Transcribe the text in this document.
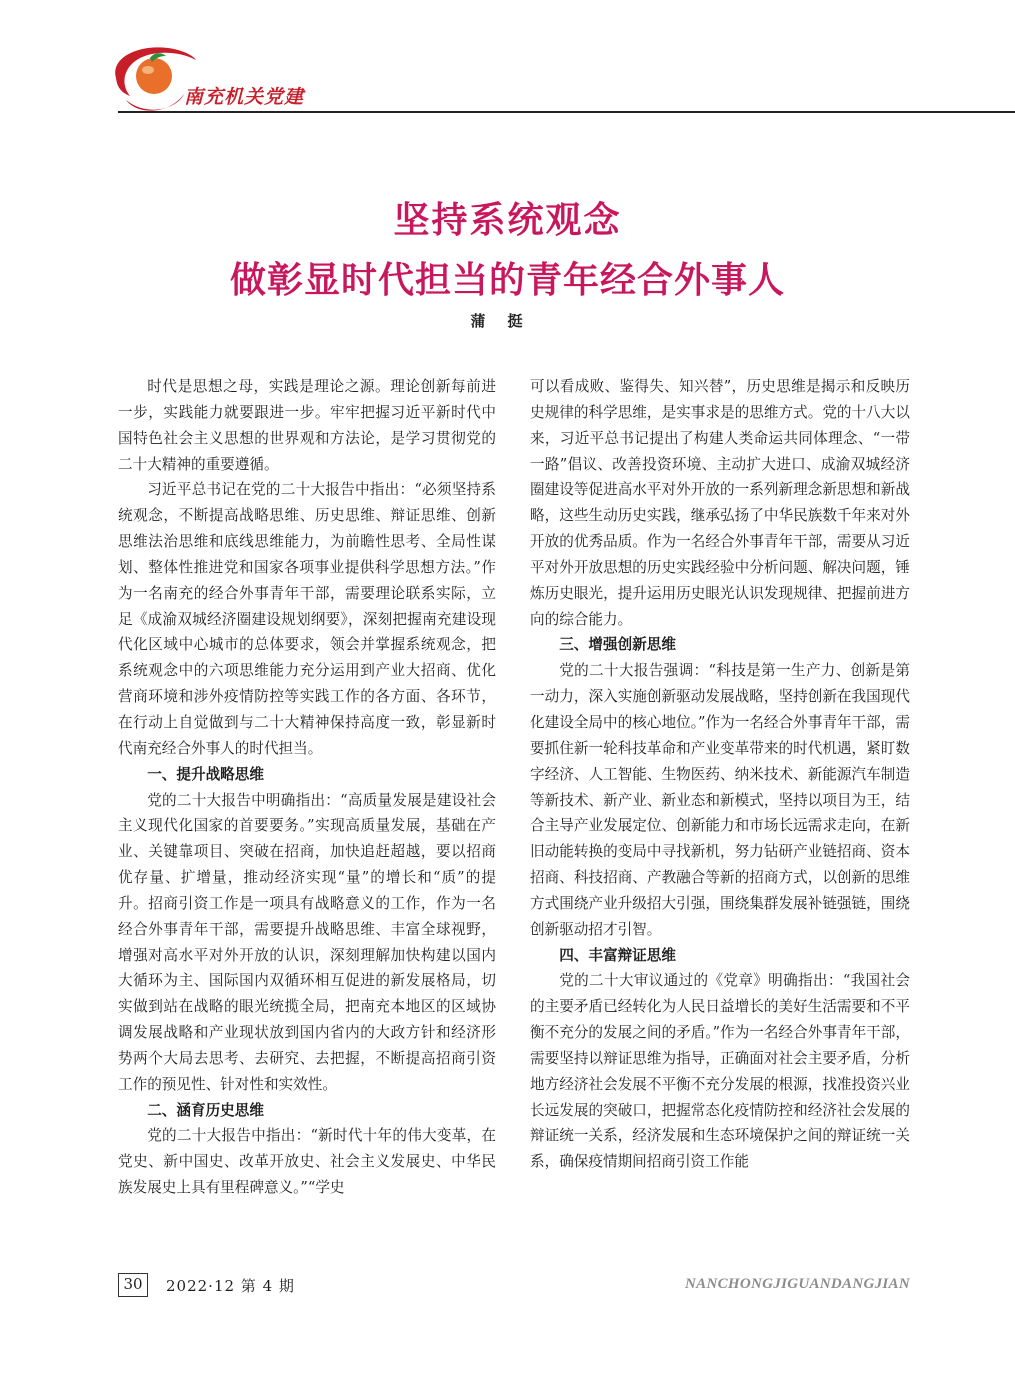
南充机关党建
坚持系统观念
做彰显时代担当的青年经合外事人
蒲挺

时代是思想之母，实践是理论之源。理论创新每前进一步，实践能力就要跟进一步。牢牢把握习近平新时代中国特色社会主义思想的世界观和方法论，是学习贯彻党的二十大精神的重要遵循。

习近平总书记在党的二十大报告中指出：“必须坚持系统观念，不断提高战略思维、历史思维、辩证思维、创新思维法治思维和底线思维能力，为前瞻性思考、全局性谋划、整体性推进党和国家各项事业提供科学思想方法。”作为一名南充的经合外事青年干部，需要理论联系实际，立足《成渝双城经济圈建设规划纲要》，深刻把握南充建设现代化区域中心城市的总体要求，领会并掌握系统观念，把系统观念中的六项思维能力充分运用到产业大招商、优化营商环境和涉外疫情防控等实践工作的各方面、各环节，在行动上自觉做到与二十大精神保持高度一致，彰显新时代南充经合外事人的时代担当。

一、提升战略思维

党的二十大报告中明确指出：“高质量发展是建设社会主义现代化国家的首要要务。”实现高质量发展，基础在产业、关键靠项目、突破在招商，加快追赶超越，要以招商优存量、扩增量，推动经济实现“量”的增长和“质”的提升。招商引资工作是一项具有战略意义的工作，作为一名经合外事青年干部，需要提升战略思维、丰富全球视野，增强对高水平对外开放的认识，深刻理解加快构建以国内大循环为主、国际国内双循环相互促进的新发展格局，切实做到站在战略的眼光统揽全局，把南充本地区的区域协调发展战略和产业现状放到国内省内的大政方针和经济形势两个大局去思考、去研究、去把握，不断提高招商引资工作的预见性、针对性和实效性。

二、涵育历史思维

党的二十大报告中指出：“新时代十年的伟大变革，在党史、新中国史、改革开放史、社会主义发展史、中华民族发展史上具有里程碑意义。”“学史

可以看成败、鉴得失、知兴替”，历史思维是揭示和反映历史规律的科学思维，是实事求是的思维方式。党的十八大以来，习近平总书记提出了构建人类命运共同体理念、“一带一路”倡议、改善投资环境、主动扩大进口、成渝双城经济圈建设等促进高水平对外开放的一系列新理念新思想和新战略，这些生动历史实践，继承弘扬了中华民族数千年来对外开放的优秀品质。作为一名经合外事青年干部，需要从习近平对外开放思想的历史实践经验中分析问题、解决问题，锤炼历史眼光，提升运用历史眼光认识发现规律、把握前进方向的综合能力。

三、增强创新思维

党的二十大报告强调：“科技是第一生产力、创新是第一动力，深入实施创新驱动发展战略，坚持创新在我国现代化建设全局中的核心地位。”作为一名经合外事青年干部，需要抓住新一轮科技革命和产业变革带来的时代机遇，紧盯数字经济、人工智能、生物医药、纳米技术、新能源汽车制造等新技术、新产业、新业态和新模式，坚持以项目为王，结合主导产业发展定位、创新能力和市场长远需求走向，在新旧动能转换的变局中寻找新机，努力钻研产业链招商、资本招商、科技招商、产教融合等新的招商方式，以创新的思维方式围绕产业升级招大引强，围绕集群发展补链强链，围绕创新驱动招才引智。

四、丰富辩证思维

党的二十大审议通过的《党章》明确指出：“我国社会的主要矛盾已经转化为人民日益增长的美好生活需要和不平衡不充分的发展之间的矛盾。”作为一名经合外事青年干部，需要坚持以辩证思维为指导，正确面对社会主要矛盾，分析地方经济社会发展不平衡不充分发展的根源，找准投资兴业长远发展的突破口，把握常态化疫情防控和经济社会发展的辩证统一关系，经济发展和生态环境保护之间的辩证统一关系，确保疫情期间招商引资工作能

30	2022·12 第 4 期	NANCHONGJIGUANDANGJIAN
